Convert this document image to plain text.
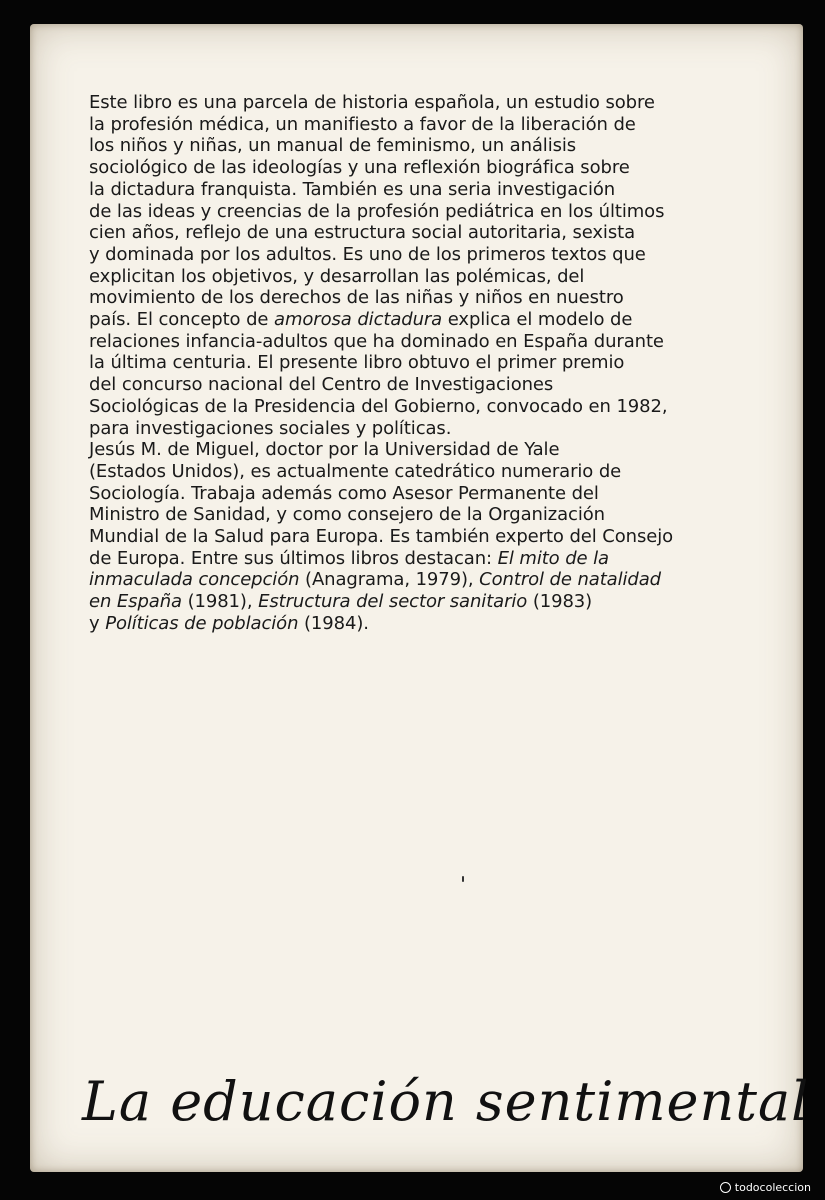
Este libro es una parcela de historia española, un estudio sobre

la profesión médica, un manifiesto a favor de la liberación de

los niños y niñas, un manual de feminismo, un análisis

sociológico de las ideologías y una reflexión biográfica sobre

la dictadura franquista. También es una seria investigación

de las ideas y creencias de la profesión pediátrica en los últimos

cien años, reflejo de una estructura social autoritaria, sexista

y dominada por los adultos. Es uno de los primeros textos que

explicitan los objetivos, y desarrollan las polémicas, del

movimiento de los derechos de las niñas y niños en nuestro

país. El concepto de amorosa dictadura explica el modelo de

relaciones infancia-adultos que ha dominado en España durante

la última centuria. El presente libro obtuvo el primer premio

del concurso nacional del Centro de Investigaciones

Sociológicas de la Presidencia del Gobierno, convocado en 1982,

para investigaciones sociales y políticas.

Jesús M. de Miguel, doctor por la Universidad de Yale

(Estados Unidos), es actualmente catedrático numerario de

Sociología. Trabaja además como Asesor Permanente del

Ministro de Sanidad, y como consejero de la Organización

Mundial de la Salud para Europa. Es también experto del Consejo

de Europa. Entre sus últimos libros destacan: El mito de la

inmaculada concepción (Anagrama, 1979), Control de natalidad

en España (1981), Estructura del sector sanitario (1983)

y Políticas de población (1984).

La educación sentimental
todocoleccion
